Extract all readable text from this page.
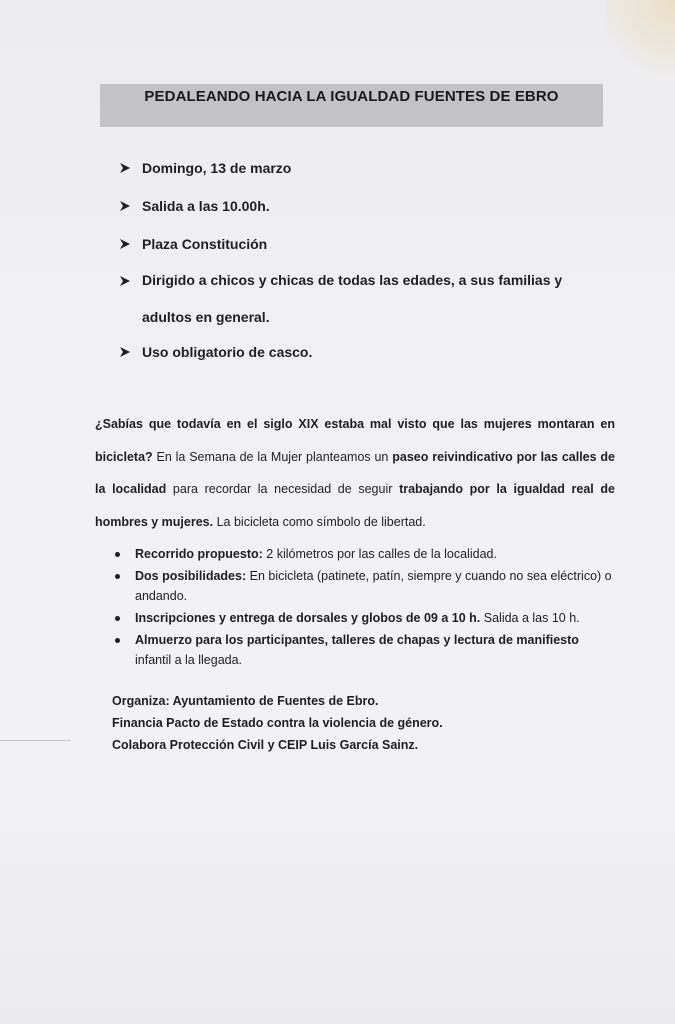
PEDALEANDO HACIA LA IGUALDAD FUENTES DE EBRO
Domingo, 13 de marzo
Salida a las 10.00h.
Plaza Constitución
Dirigido a chicos y chicas de todas las edades, a sus familias y adultos en general.
Uso obligatorio de casco.

¿Sabías que todavía en el siglo XIX estaba mal visto que las mujeres montaran en bicicleta? En la Semana de la Mujer planteamos un paseo reivindicativo por las calles de la localidad para recordar la necesidad de seguir trabajando por la igualdad real de hombres y mujeres. La bicicleta como símbolo de libertad.

Recorrido propuesto: 2 kilómetros por las calles de la localidad.
Dos posibilidades: En bicicleta (patinete, patín, siempre y cuando no sea eléctrico) o andando.
Inscripciones y entrega de dorsales y globos de 09 a 10 h. Salida a las 10 h.
Almuerzo para los participantes, talleres de chapas y lectura de manifiesto infantil a la llegada.
Organiza: Ayuntamiento de Fuentes de Ebro.
Financia Pacto de Estado contra la violencia de género.
Colabora Protección Civil y CEIP Luis García Sainz.
